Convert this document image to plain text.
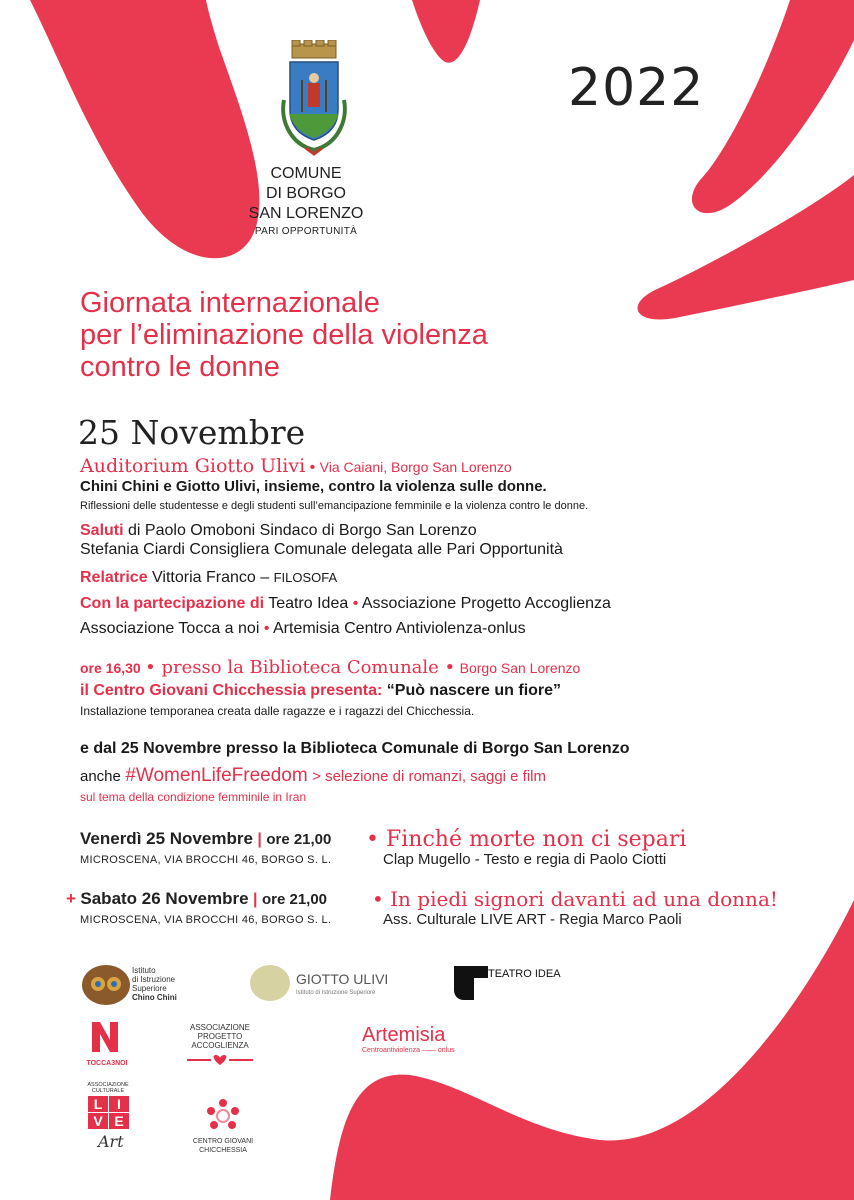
2022
COMUNE
DI BORGO
SAN LORENZO
PARI OPPORTUNITÀ
Giornata internazionale
per l’eliminazione della violenza
contro le donne
25 Novembre
Auditorium Giotto Ulivi • Via Caiani, Borgo San Lorenzo
Chini Chini e Giotto Ulivi, insieme, contro la violenza sulle donne.
Riflessioni delle studentesse e degli studenti sull’emancipazione femminile e la violenza contro le donne.
Saluti di Paolo Omoboni Sindaco di Borgo San Lorenzo
Stefania Ciardi Consigliera Comunale delegata alle Pari Opportunità
Relatrice Vittoria Franco – FILOSOFA
Con la partecipazione di Teatro Idea • Associazione Progetto Accoglienza
Associazione Tocca a noi • Artemisia Centro Antiviolenza-onlus
ore 16,30 • presso la Biblioteca Comunale • Borgo San Lorenzo
il Centro Giovani Chicchessia presenta: “Può nascere un fiore”
Installazione temporanea creata dalle ragazze e i ragazzi del Chicchessia.
e dal 25 Novembre presso la Biblioteca Comunale di Borgo San Lorenzo
anche #WomenLifeFreedom > selezione di romanzi, saggi e film
sul tema della condizione femminile in Iran
Venerdì 25 Novembre | ore 21,00
MICROSCENA, VIA BROCCHI 46, BORGO S. L.
• Finché morte non ci separi
Clap Mugello - Testo e regia di Paolo Ciotti
+ Sabato 26 Novembre | ore 21,00
MICROSCENA, VIA BROCCHI 46, BORGO S. L.
• In piedi signori davanti ad una donna!
Ass. Culturale LIVE ART - Regia Marco Paoli
Istituto
di Istruzione
Superiore
Chino Chini
GIOTTO ULIVI
Istituto di Istruzione Superiore
TEATRO IDEA
TOCCA3NOI
ASSOCIAZIONE
PROGETTO
ACCOGLIENZA	Artemisia
Centroantiviolenza —— onlus
ASSOCIAZIONE CULTURALE
L	I
V E
Art	CENTRO GIOVANI
CHICCHESSIA
